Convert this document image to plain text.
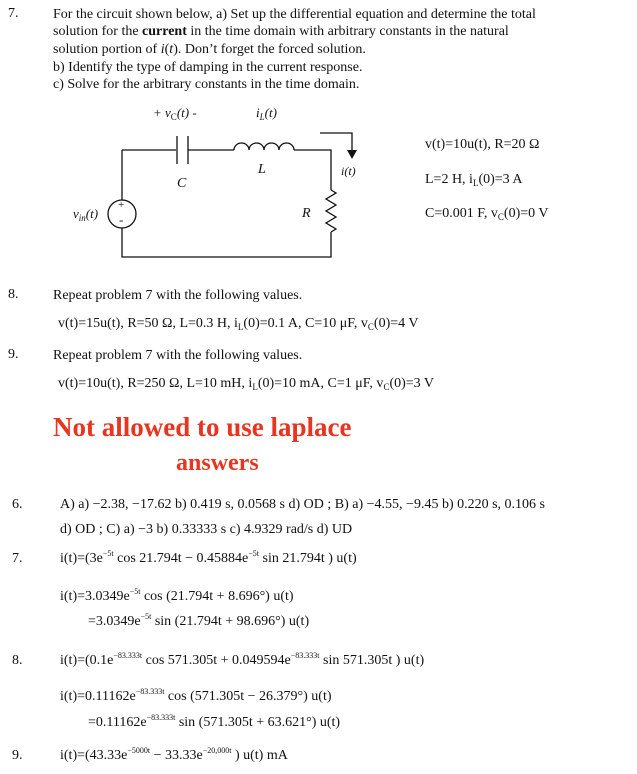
7. For the circuit shown below, a) Set up the differential equation and determine the total
solution for the current in the time domain with arbitrary constants in the natural
solution portion of i(t). Don’t forget the forced solution.
b) Identify the type of damping in the current response.
c) Solve for the arbitrary constants in the time domain.
+ $v_C(t)$ -	$i_L(t)$
C
L
R
i(t)
$v_{in}(t)$
+
-
v(t)=10u(t), R=20 Ω
L=2 H, $i_L(0)=3$ A
C=0.001 F, $v_C(0)=0$ V
8. Repeat problem 7 with the following values.
v(t)=15u(t), R=50 Ω, L=0.3 H, $i_L(0)=0.1$ A, C=10 μF, $v_C(0)=4$ V
9. Repeat problem 7 with the following values.
v(t)=10u(t), R=250 Ω, L=10 mH, $i_L(0)=10$ mA, C=1 μF, $v_C(0)=3$ V
Not allowed to use laplace
answers
6.	A) a) −2.38, −17.62 b) 0.419 s, 0.0568 s d) OD ; B) a) −4.55, −9.45 b) 0.220 s, 0.106 s
d) OD ; C) a) −3 b) 0.33333 s c) 4.9329 rad/s d) UD
7.	$i(t)=(3e^{-5t}$ $\cos 21.794t - 0.45884e^{-5t}$ sin 21.794t ) u(t)
$i(t)=3.0349e^{-5t}$ cos (21.794t + 8.696°) u(t)
$=3.0349e^{-5t}$ sin (21.794t + 98.696°) u(t)
8.	$i(t)=(0.1e^{-83.333t}$ $\cos 571.305t + 0.049594e^{-83.333t}$ sin 571.305t ) u(t)
$i(t)=0.11162e^{-83.333t}$ cos (571.305t − 26.379°) u(t)
$=0.11162e^{-83.333t}$ sin (571.305t + 63.621°) u(t)
9.	$i(t)=(43.33e^{-5000t} - 33.33e^{-20,000t}$ ) u(t) mA
